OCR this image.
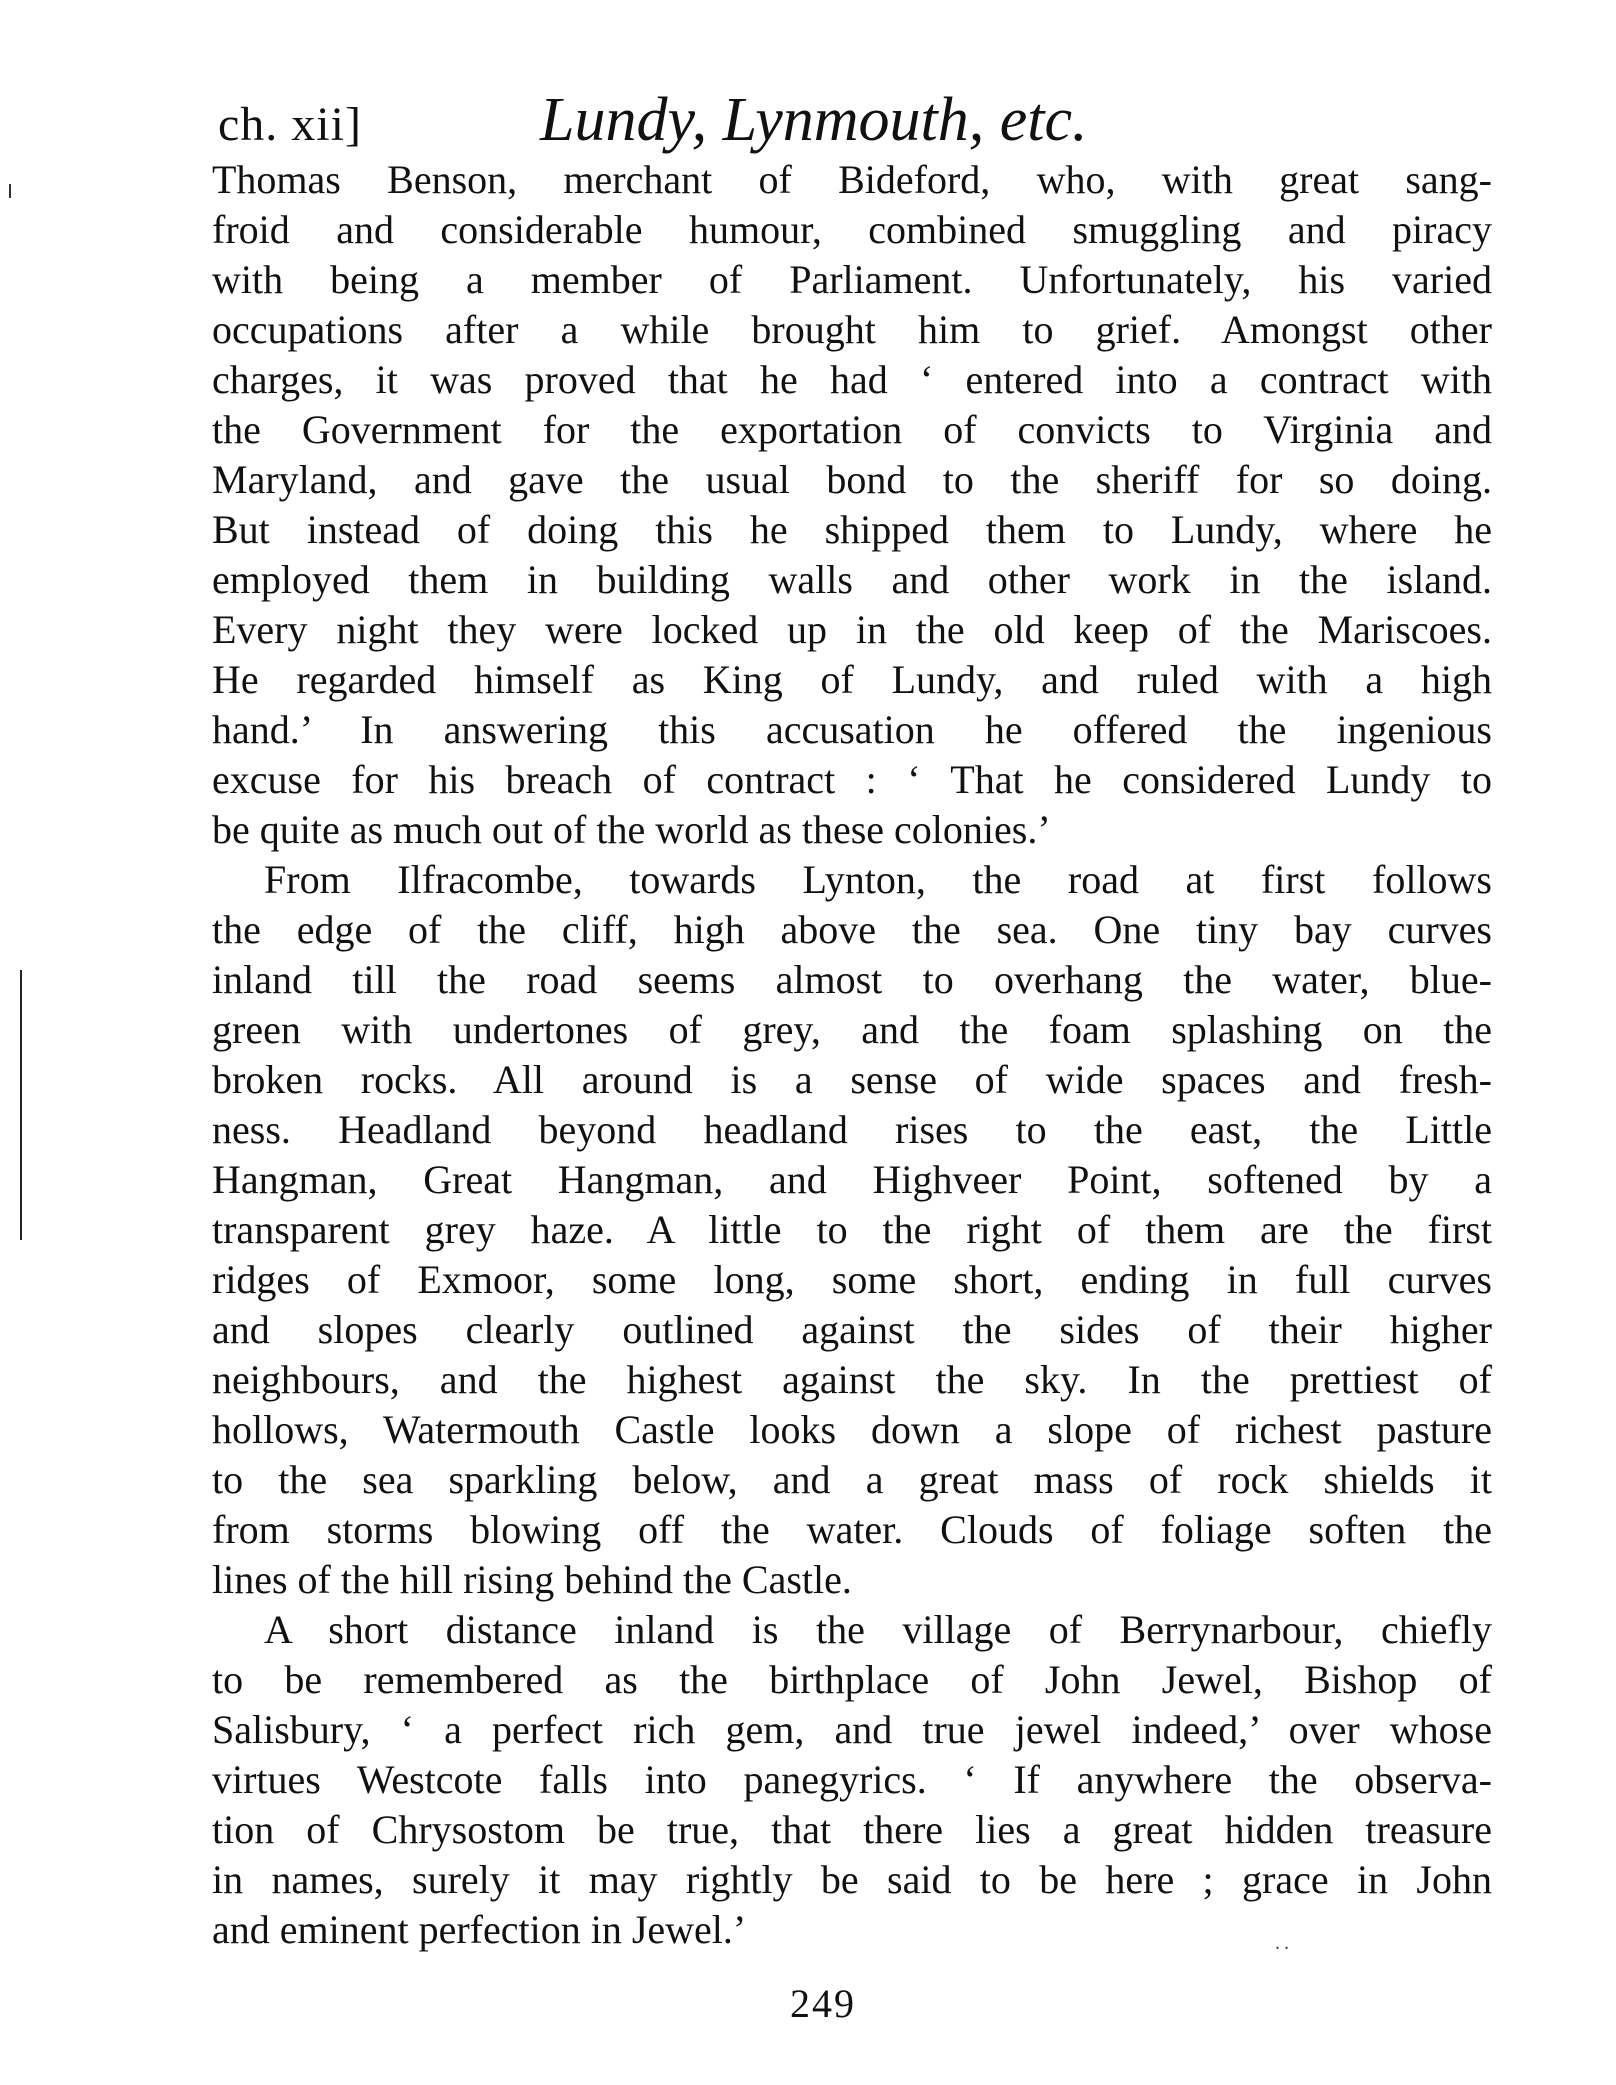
ch. xii]	Lundy, Lynmouth, etc.
Thomas Benson, merchant of Bideford, who, with great sang-
froid and considerable humour, combined smuggling and piracy
with being a member of Parliament. Unfortunately, his varied
occupations after a while brought him to grief. Amongst other
charges, it was proved that he had ‘ entered into a contract with
the Government for the exportation of convicts to Virginia and
Maryland, and gave the usual bond to the sheriff for so doing.
But instead of doing this he shipped them to Lundy, where he
employed them in building walls and other work in the island.
Every night they were locked up in the old keep of the Mariscoes.
He regarded himself as King of Lundy, and ruled with a high
hand.’ In answering this accusation he offered the ingenious
excuse for his breach of contract : ‘ That he considered Lundy to
be quite as much out of the world as these colonies.’
From Ilfracombe, towards Lynton, the road at first follows
the edge of the cliff, high above the sea. One tiny bay curves
inland till the road seems almost to overhang the water, blue-
green with undertones of grey, and the foam splashing on the
broken rocks. All around is a sense of wide spaces and fresh-
ness. Headland beyond headland rises to the east, the Little
Hangman, Great Hangman, and Highveer Point, softened by a
transparent grey haze. A little to the right of them are the first
ridges of Exmoor, some long, some short, ending in full curves
and slopes clearly outlined against the sides of their higher
neighbours, and the highest against the sky. In the prettiest of
hollows, Watermouth Castle looks down a slope of richest pasture
to the sea sparkling below, and a great mass of rock shields it
from storms blowing off the water. Clouds of foliage soften the
lines of the hill rising behind the Castle.
A short distance inland is the village of Berrynarbour, chiefly
to be remembered as the birthplace of John Jewel, Bishop of
Salisbury, ‘ a perfect rich gem, and true jewel indeed,’ over whose
virtues Westcote falls into panegyrics. ‘ If anywhere the observa-
tion of Chrysostom be true, that there lies a great hidden treasure
in names, surely it may rightly be said to be here ; grace in John
and eminent perfection in Jewel.’	..
249
